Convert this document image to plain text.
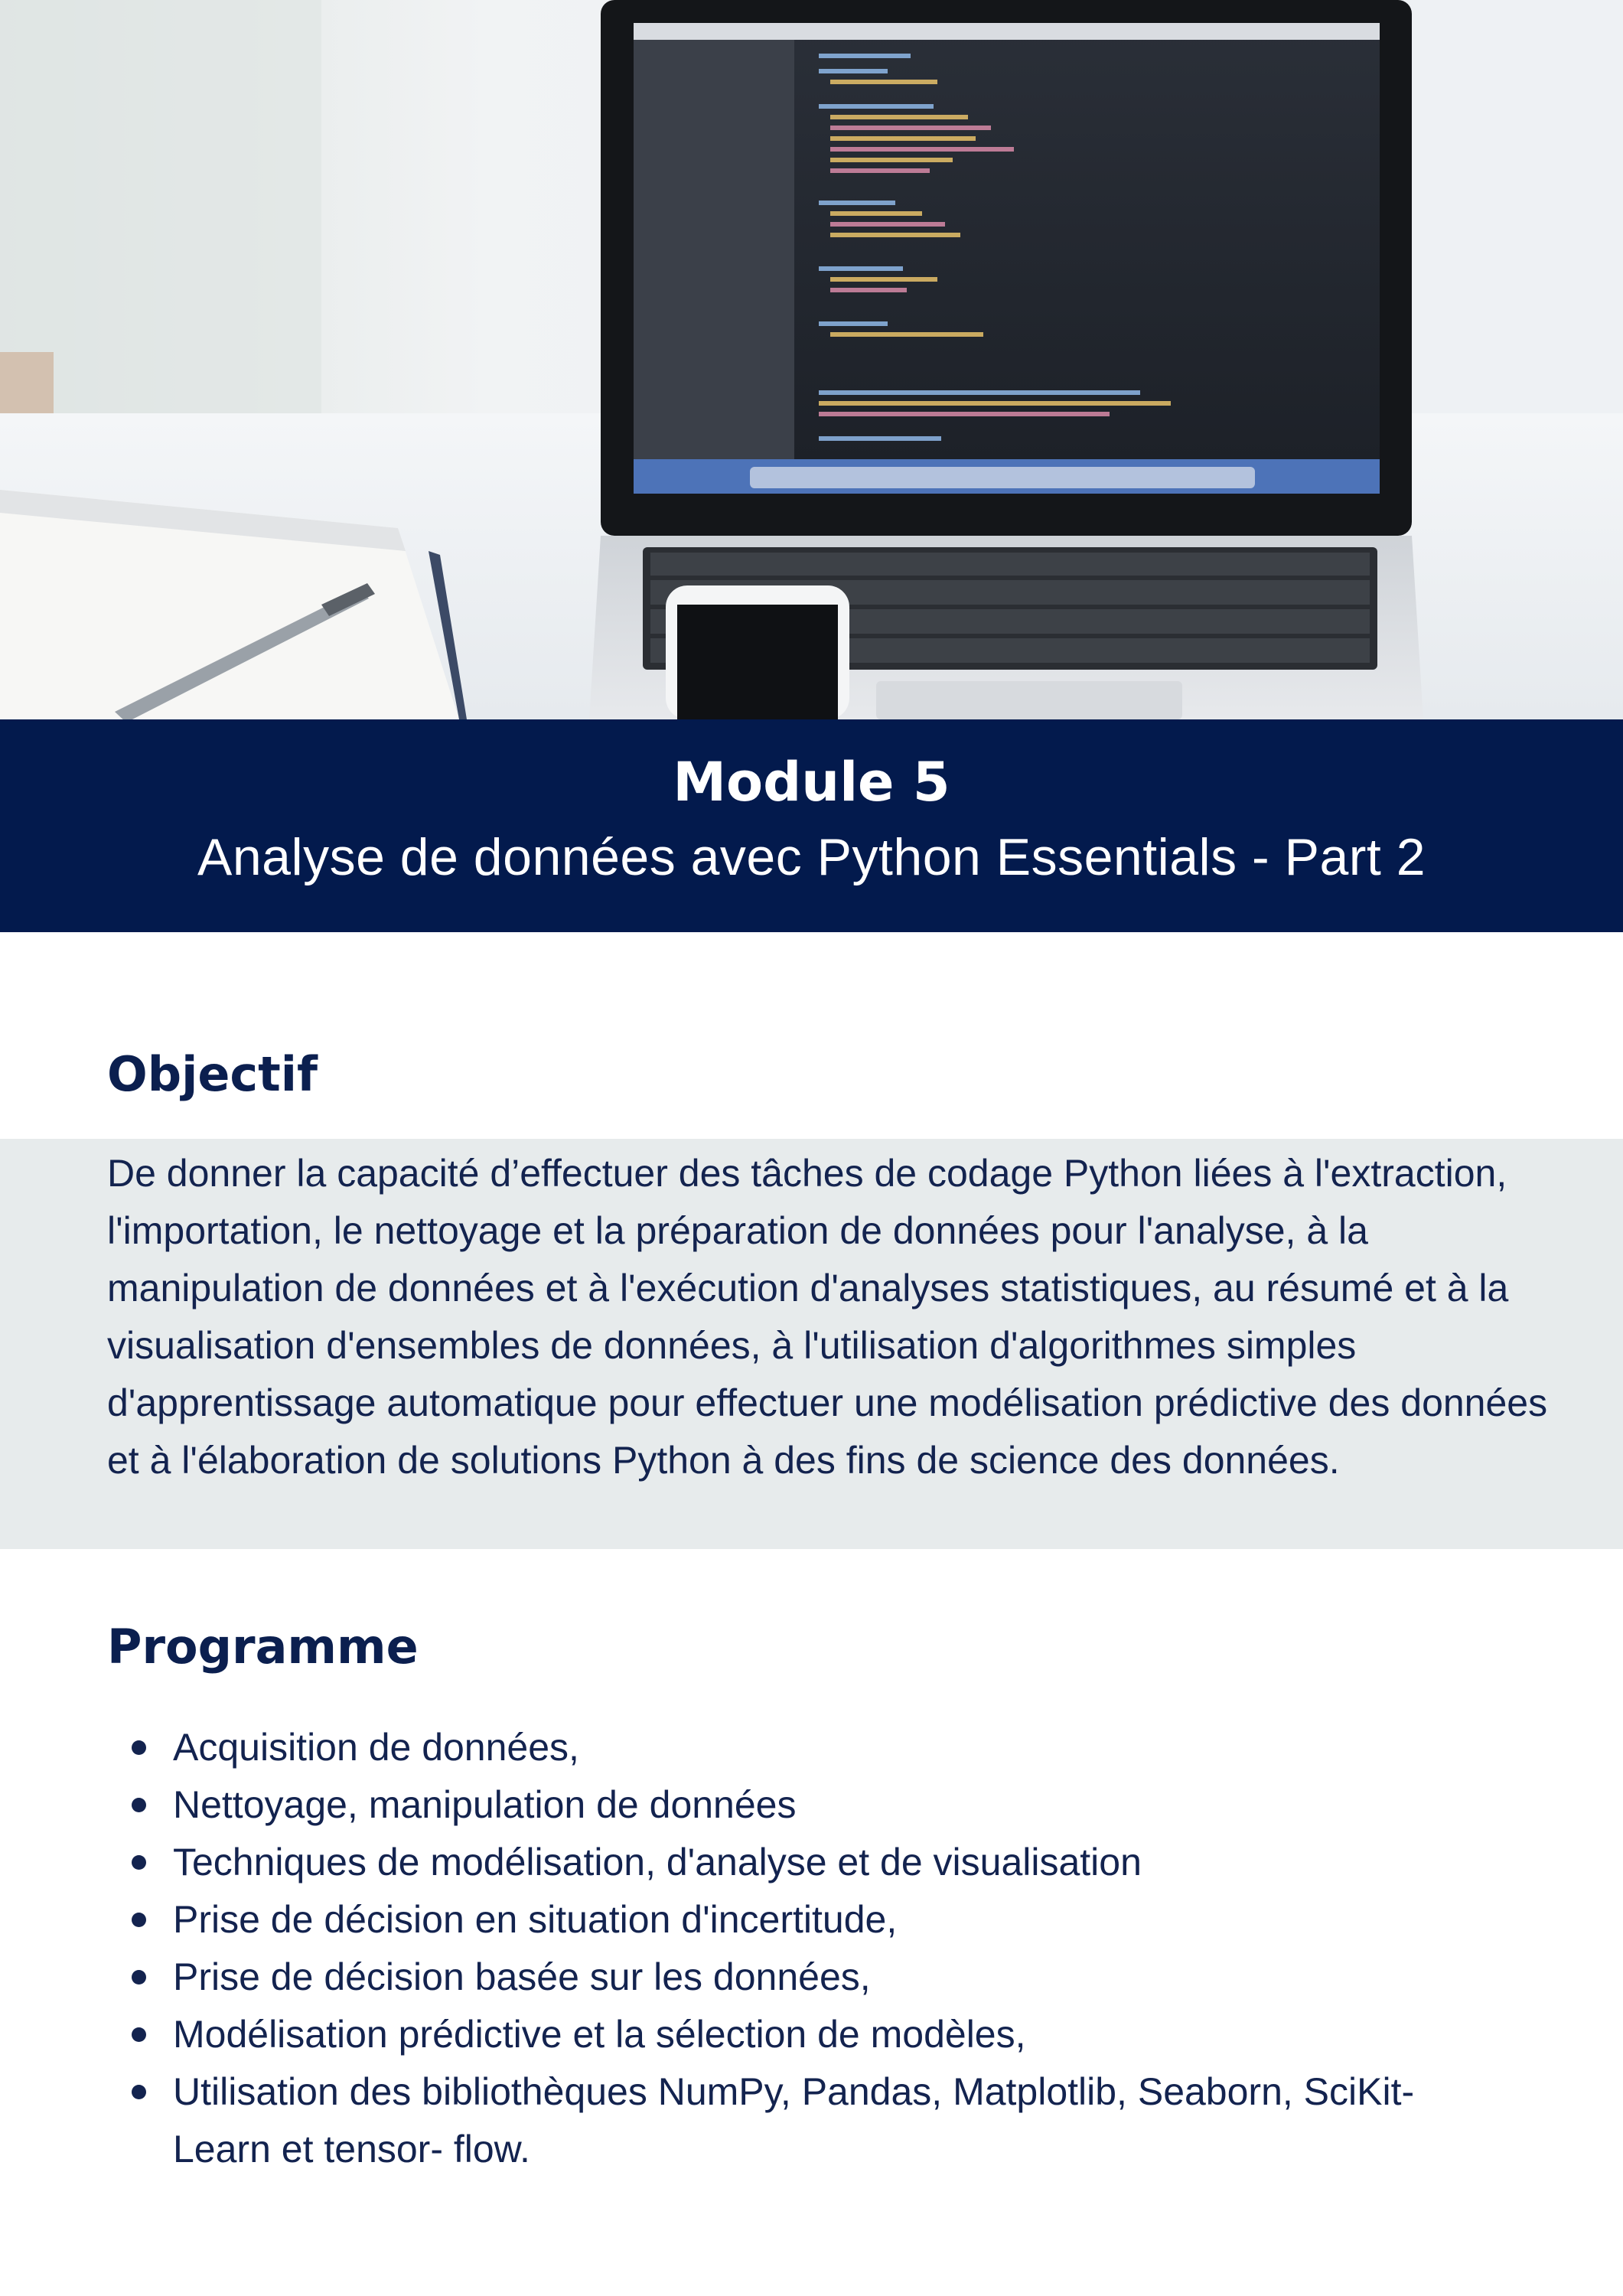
Module 5
Analyse de données avec Python Essentials - Part 2
Objectif
De donner la capacité d’effectuer des tâches de codage Python liées à l'extraction, l'importation, le nettoyage et la préparation de données pour l'analyse, à la manipulation de données et à l'exécution d'analyses statistiques, au résumé et à la visualisation d'ensembles de données, à l'utilisation d'algorithmes simples d'apprentissage automatique pour effectuer une modélisation prédictive des données et à l'élaboration de solutions Python à des fins de science des données.
Programme
Acquisition de données,
Nettoyage, manipulation de données
Techniques de modélisation, d'analyse et de visualisation
Prise de décision en situation d'incertitude,
Prise de décision basée sur les données,
Modélisation prédictive et la sélection de modèles,
Utilisation des bibliothèques NumPy, Pandas, Matplotlib, Seaborn, SciKit-Learn et tensor- flow.
